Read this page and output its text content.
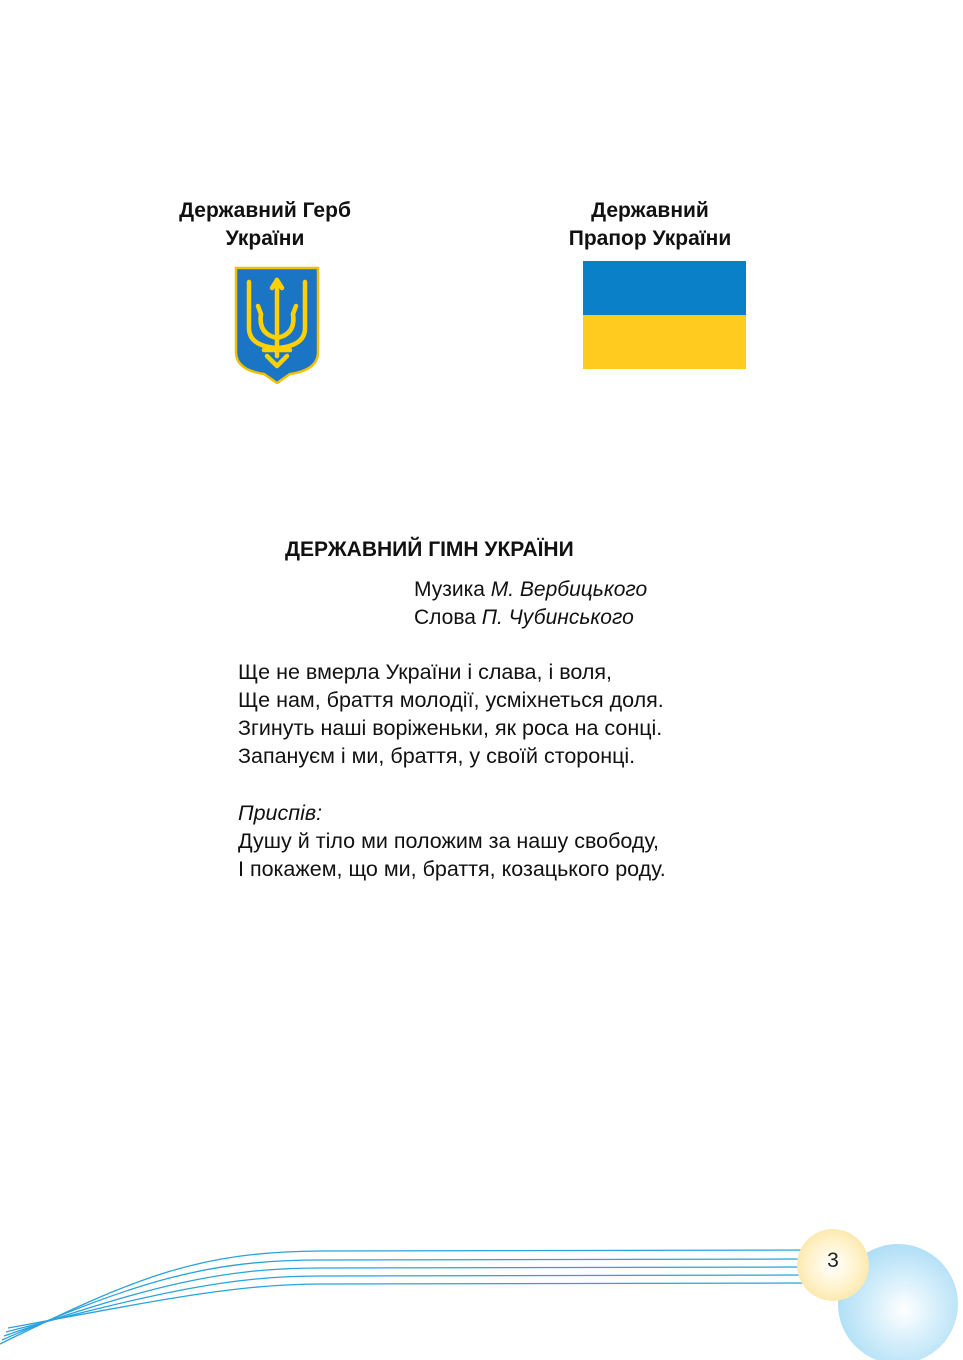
Державний Герб
України
Державний
Прапор України
ДЕРЖАВНИЙ ГІМН УКРАЇНИ
Музика М. Вербицького
Слова П. Чубинського
Ще не вмерла України і слава, і воля,
Ще нам, браття молодії, усміхнеться доля.
Згинуть наші воріженьки, як роса на сонці.
Запануєм і ми, браття, у своїй сторонці.
Приспів:
Душу й тіло ми положим за нашу свободу,
І покажем, що ми, браття, козацького роду.
3
